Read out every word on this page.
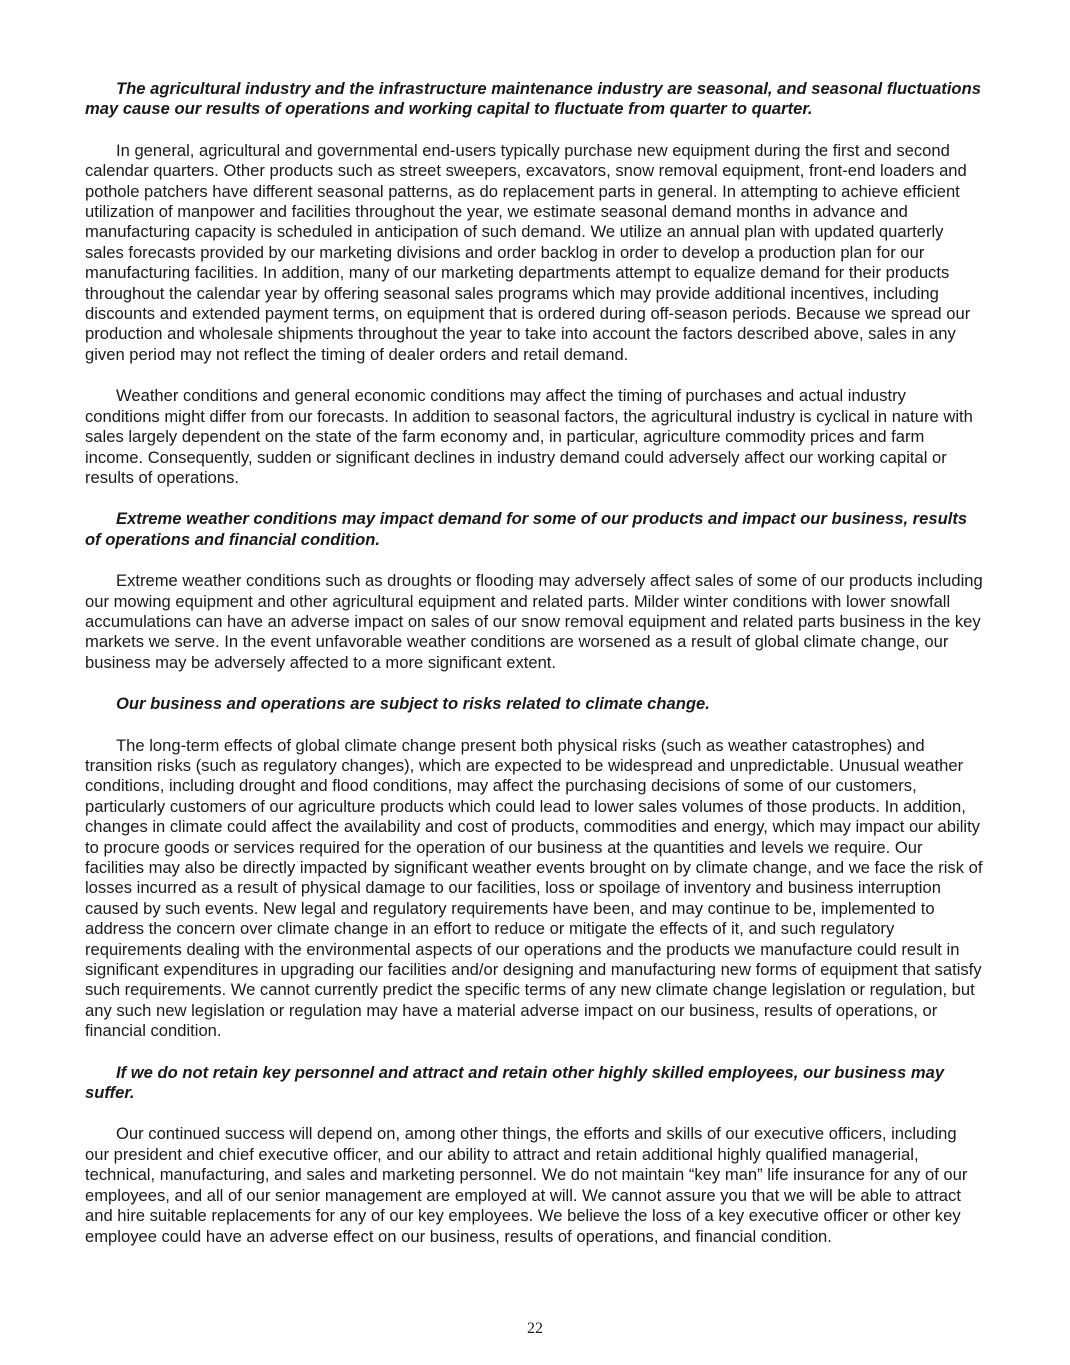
The agricultural industry and the infrastructure maintenance industry are seasonal, and seasonal fluctuations may cause our results of operations and working capital to fluctuate from quarter to quarter.

In general, agricultural and governmental end-users typically purchase new equipment during the first and second calendar quarters. Other products such as street sweepers, excavators, snow removal equipment, front-end loaders and pothole patchers have different seasonal patterns, as do replacement parts in general. In attempting to achieve efficient utilization of manpower and facilities throughout the year, we estimate seasonal demand months in advance and manufacturing capacity is scheduled in anticipation of such demand. We utilize an annual plan with updated quarterly sales forecasts provided by our marketing divisions and order backlog in order to develop a production plan for our manufacturing facilities. In addition, many of our marketing departments attempt to equalize demand for their products throughout the calendar year by offering seasonal sales programs which may provide additional incentives, including discounts and extended payment terms, on equipment that is ordered during off-season periods. Because we spread our production and wholesale shipments throughout the year to take into account the factors described above, sales in any given period may not reflect the timing of dealer orders and retail demand.

Weather conditions and general economic conditions may affect the timing of purchases and actual industry conditions might differ from our forecasts. In addition to seasonal factors, the agricultural industry is cyclical in nature with sales largely dependent on the state of the farm economy and, in particular, agriculture commodity prices and farm income. Consequently, sudden or significant declines in industry demand could adversely affect our working capital or results of operations.

Extreme weather conditions may impact demand for some of our products and impact our business, results of operations and financial condition.

Extreme weather conditions such as droughts or flooding may adversely affect sales of some of our products including our mowing equipment and other agricultural equipment and related parts. Milder winter conditions with lower snowfall accumulations can have an adverse impact on sales of our snow removal equipment and related parts business in the key markets we serve. In the event unfavorable weather conditions are worsened as a result of global climate change, our business may be adversely affected to a more significant extent.

Our business and operations are subject to risks related to climate change.

The long-term effects of global climate change present both physical risks (such as weather catastrophes) and transition risks (such as regulatory changes), which are expected to be widespread and unpredictable. Unusual weather conditions, including drought and flood conditions, may affect the purchasing decisions of some of our customers, particularly customers of our agriculture products which could lead to lower sales volumes of those products. In addition, changes in climate could affect the availability and cost of products, commodities and energy, which may impact our ability to procure goods or services required for the operation of our business at the quantities and levels we require. Our facilities may also be directly impacted by significant weather events brought on by climate change, and we face the risk of losses incurred as a result of physical damage to our facilities, loss or spoilage of inventory and business interruption caused by such events. New legal and regulatory requirements have been, and may continue to be, implemented to address the concern over climate change in an effort to reduce or mitigate the effects of it, and such regulatory requirements dealing with the environmental aspects of our operations and the products we manufacture could result in significant expenditures in upgrading our facilities and/or designing and manufacturing new forms of equipment that satisfy such requirements. We cannot currently predict the specific terms of any new climate change legislation or regulation, but any such new legislation or regulation may have a material adverse impact on our business, results of operations, or financial condition.

If we do not retain key personnel and attract and retain other highly skilled employees, our business may suffer.

Our continued success will depend on, among other things, the efforts and skills of our executive officers, including our president and chief executive officer, and our ability to attract and retain additional highly qualified managerial, technical, manufacturing, and sales and marketing personnel. We do not maintain “key man” life insurance for any of our employees, and all of our senior management are employed at will. We cannot assure you that we will be able to attract and hire suitable replacements for any of our key employees. We believe the loss of a key executive officer or other key employee could have an adverse effect on our business, results of operations, and financial condition.

22
